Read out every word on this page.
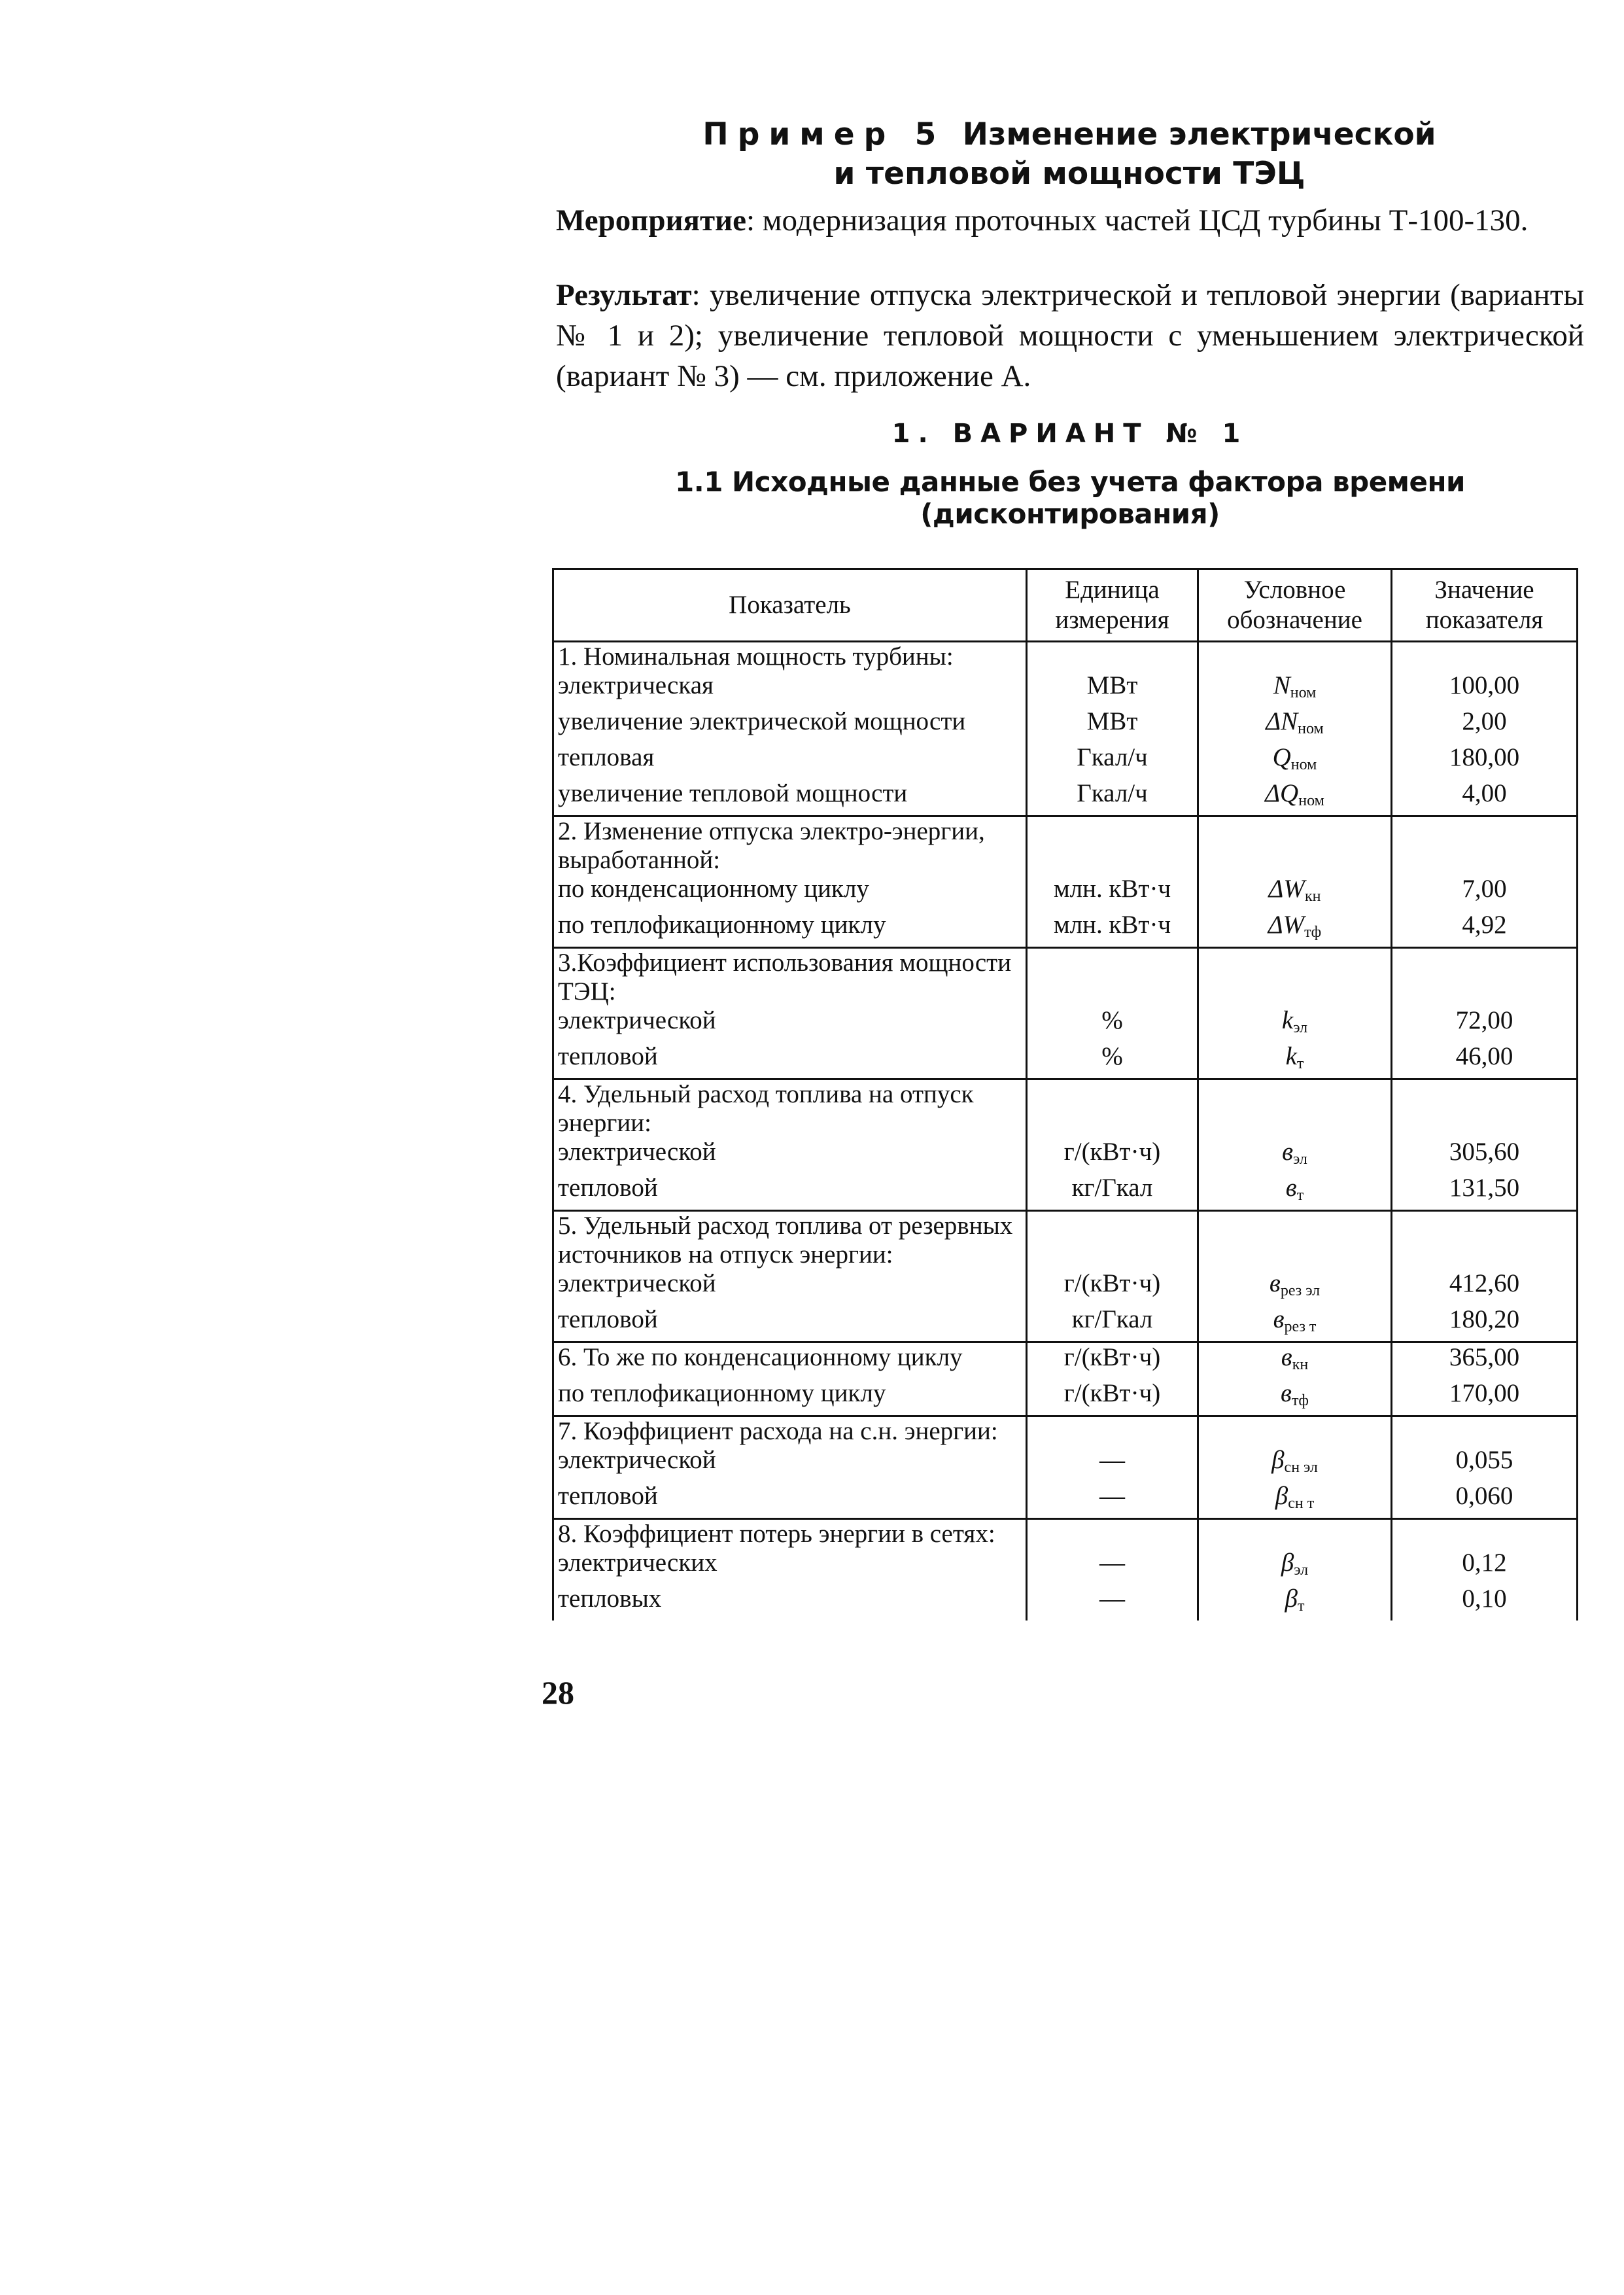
Пример 5 Изменение электрической
и тепловой мощности ТЭЦ
Мероприятие: модернизация проточных частей ЦСД турбины Т-100-130.
Результат: увеличение отпуска электрической и тепловой энергии (варианты № 1 и 2); увеличение тепловой мощности с уменьшением электрической (вариант № 3) — см. приложение А.
1. ВАРИАНТ № 1
1.1 Исходные данные без учета фактора времени (дисконтирования)
Показатель	Единица измерения	Условное обозначение	Значение показателя
1. Номинальная мощность турбины:			
электрическая	МВт	$N_{ном}$	100,00
увеличение электрической мощности	МВт	$\Delta N_{ном}$	2,00
тепловая	Гкал/ч	$Q_{ном}$	180,00
увеличение тепловой мощности	Гкал/ч	$\Delta Q_{ном}$	4,00
2. Изменение отпуска электро-энергии, выработанной:			
по конденсационному циклу	млн. кВт·ч	$\Delta W_{кн}$	7,00
по теплофикационному циклу	млн. кВт·ч	$\Delta W_{тф}$	4,92
3.Коэффициент использования мощности ТЭЦ:			
электрической	%	$k_{эл}$	72,00
тепловой	%	$k_т$	46,00
4. Удельный расход топлива на отпуск энергии:			
электрической	г/(кВт·ч)	$в_{эл}$	305,60
тепловой	кг/Гкал	$в_т$	131,50
5. Удельный расход топлива от резервных источников на отпуск энергии:			
электрической	г/(кВт·ч)	$в_{рез эл}$	412,60
тепловой	кг/Гкал	$в_{рез т}$	180,20
6. То же по конденсационному циклу	г/(кВт·ч)	$в_{кн}$	365,00
по теплофикационному циклу	г/(кВт·ч)	$в_{тф}$	170,00
7. Коэффициент расхода на с.н. энергии:			
электрической	—	$\beta_{сн эл}$	0,055
тепловой	—	$\beta_{сн т}$	0,060
8. Коэффициент потерь энергии в сетях:			
электрических	—	$\beta_{эл}$	0,12
тепловых	—	$\beta_т$	0,10
28
